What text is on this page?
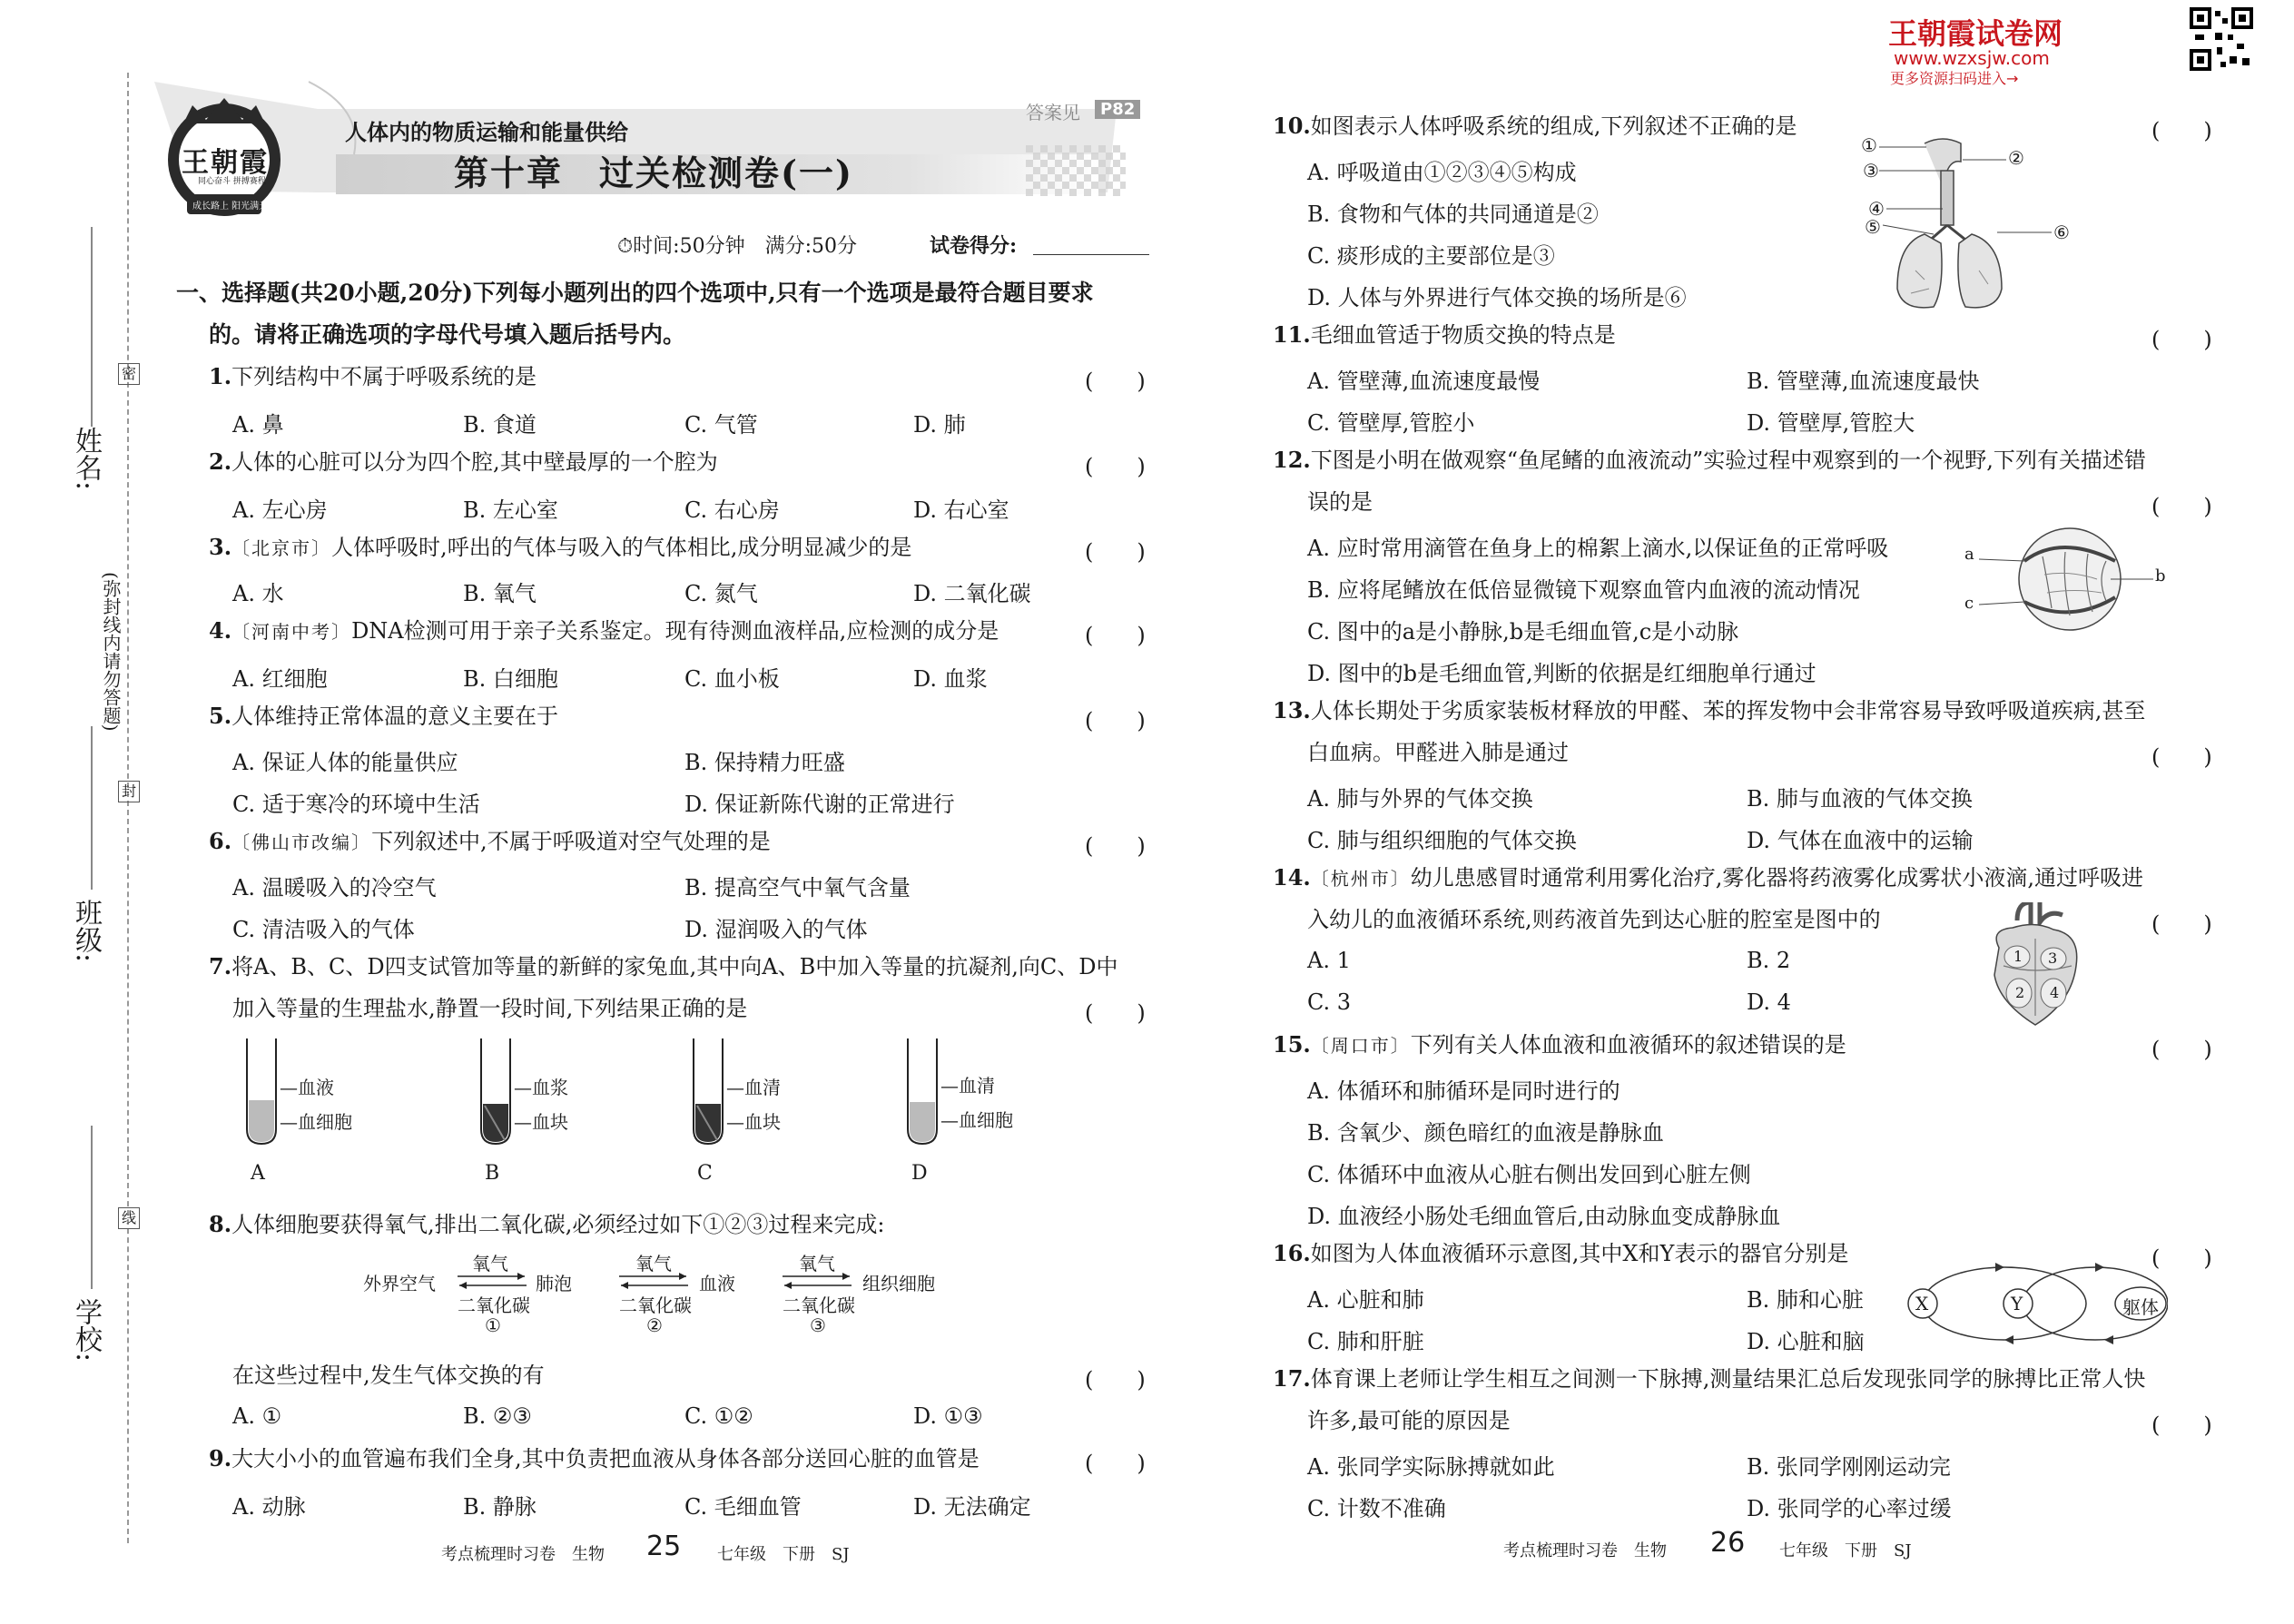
王朝霞试卷网
www.wzxsjw.com
更多资源扫码进入→
姓名:
班级:
学校:
(弥封线内请勿答题)
密
封
线
王朝霞
同心奋斗 拼搏赛程
成长路上 阳光满天
人体内的物质运输和能量供给
答案见	P82
第十章　过关检测卷(一)
⏱时间:50分钟　满分:50分	试卷得分:
一、选择题(共20小题,20分)下列每小题列出的四个选项中,只有一个选项是最符合题目要求
的。请将正确选项的字母代号填入题后括号内。
1.下列结构中不属于呼吸系统的是	(　　)
A. 鼻	B. 食道	C. 气管	D. 肺
2.人体的心脏可以分为四个腔,其中壁最厚的一个腔为	(　　)
A. 左心房	B. 左心室	C. 右心房	D. 右心室
3.〔北京市〕人体呼吸时,呼出的气体与吸入的气体相比,成分明显减少的是	(　　)
A. 水	B. 氧气	C. 氮气	D. 二氧化碳
4.〔河南中考〕DNA检测可用于亲子关系鉴定。现有待测血液样品,应检测的成分是	(　　)
A. 红细胞	B. 白细胞	C. 血小板	D. 血浆
5.人体维持正常体温的意义主要在于	(　　)
A. 保证人体的能量供应	B. 保持精力旺盛
C. 适于寒冷的环境中生活	D. 保证新陈代谢的正常进行
6.〔佛山市改编〕下列叙述中,不属于呼吸道对空气处理的是	(　　)
A. 温暖吸入的冷空气	B. 提高空气中氧气含量
C. 清洁吸入的气体	D. 湿润吸入的气体
7.将A、B、C、D四支试管加等量的新鲜的家兔血,其中向A、B中加入等量的抗凝剂,向C、D中
加入等量的生理盐水,静置一段时间,下列结果正确的是	(　　)
—血液
—血细胞
A
—血浆
—血块
B
—血清
—血块
C
—血清
—血细胞
D
8.人体细胞要获得氧气,排出二氧化碳,必须经过如下①②③过程来完成:
外界空气
氧气
二氧化碳
①
肺泡
氧气
二氧化碳
②
血液
氧气
二氧化碳
③
组织细胞
在这些过程中,发生气体交换的有	(　　)
A. ①	B. ②③	C. ①②	D. ①③
9.大大小小的血管遍布我们全身,其中负责把血液从身体各部分送回心脏的血管是	(　　)
A. 动脉	B. 静脉	C. 毛细血管	D. 无法确定
考点梳理时习卷　生物 25 七年级　下册　SJ
10.如图表示人体呼吸系统的组成,下列叙述不正确的是	(　　)
A. 呼吸道由①②③④⑤构成
B. 食物和气体的共同通道是②
C. 痰形成的主要部位是③
D. 人体与外界进行气体交换的场所是⑥
①
②
③
④
⑤	⑥
11.毛细血管适于物质交换的特点是	(　　)
A. 管壁薄,血流速度最慢	B. 管壁薄,血流速度最快
C. 管壁厚,管腔小	D. 管壁厚,管腔大
12.下图是小明在做观察“鱼尾鳍的血液流动”实验过程中观察到的一个视野,下列有关描述错
误的是	(　　)
A. 应时常用滴管在鱼身上的棉絮上滴水,以保证鱼的正常呼吸
B. 应将尾鳍放在低倍显微镜下观察血管内血液的流动情况
C. 图中的a是小静脉,b是毛细血管,c是小动脉
D. 图中的b是毛细血管,判断的依据是红细胞单行通过
a
b
c
13.人体长期处于劣质家装板材释放的甲醛、苯的挥发物中会非常容易导致呼吸道疾病,甚至
白血病。甲醛进入肺是通过	(　　)
A. 肺与外界的气体交换	B. 肺与血液的气体交换
C. 肺与组织细胞的气体交换	D. 气体在血液中的运输
14.〔杭州市〕幼儿患感冒时通常利用雾化治疗,雾化器将药液雾化成雾状小液滴,通过呼吸进
入幼儿的血液循环系统,则药液首先到达心脏的腔室是图中的	(　　)
A. 1	B. 2
C. 3	D. 4
1 3
2 4
15.〔周口市〕下列有关人体血液和血液循环的叙述错误的是	(　　)
A. 体循环和肺循环是同时进行的
B. 含氧少、颜色暗红的血液是静脉血
C. 体循环中血液从心脏右侧出发回到心脏左侧
D. 血液经小肠处毛细血管后,由动脉血变成静脉血
16.如图为人体血液循环示意图,其中X和Y表示的器官分别是	(　　)
A. 心脏和肺	B. 肺和心脏
C. 肺和肝脏	D. 心脏和脑
X	Y	躯体
17.体育课上老师让学生相互之间测一下脉搏,测量结果汇总后发现张同学的脉搏比正常人快
许多,最可能的原因是	(　　)
A. 张同学实际脉搏就如此	B. 张同学刚刚运动完
C. 计数不准确	D. 张同学的心率过缓
考点梳理时习卷　生物 26 七年级　下册　SJ
